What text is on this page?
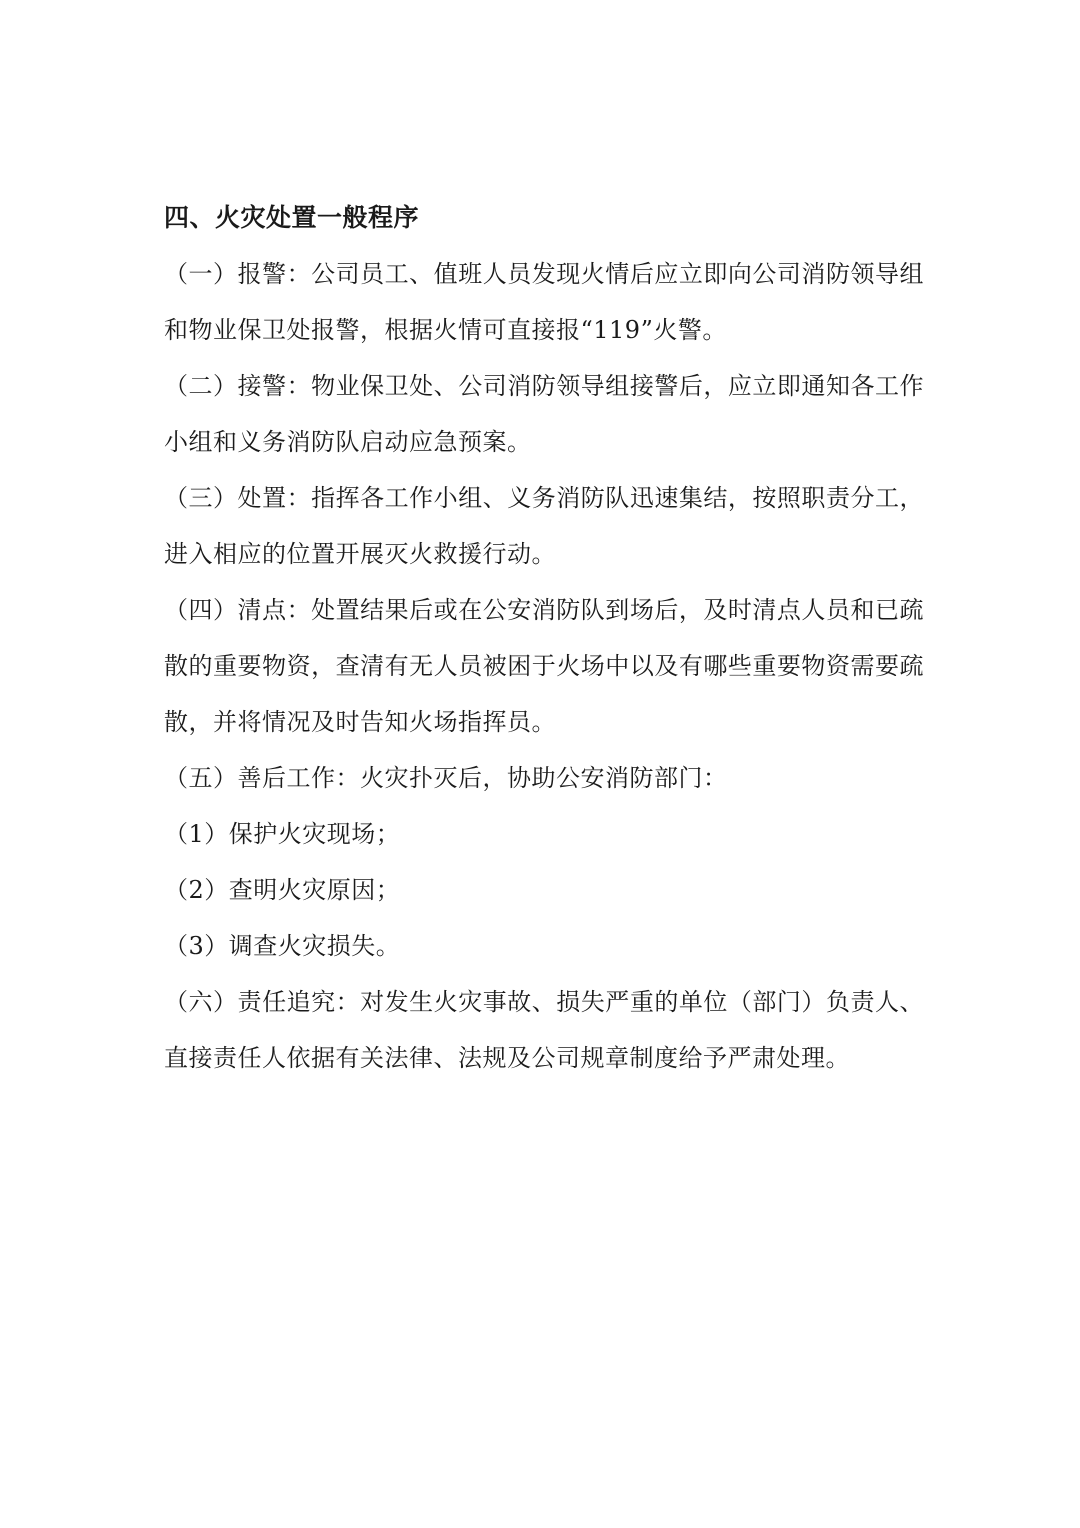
四、火灾处置一般程序

（一）报警：公司员工、值班人员发现火情后应立即向公司消防领导组和物业保卫处报警，根据火情可直接报“119”火警。

（二）接警：物业保卫处、公司消防领导组接警后，应立即通知各工作小组和义务消防队启动应急预案。

（三）处置：指挥各工作小组、义务消防队迅速集结，按照职责分工，进入相应的位置开展灭火救援行动。

（四）清点：处置结果后或在公安消防队到场后，及时清点人员和已疏散的重要物资，查清有无人员被困于火场中以及有哪些重要物资需要疏散，并将情况及时告知火场指挥员。

（五）善后工作：火灾扑灭后，协助公安消防部门：

（1）保护火灾现场；

（2）查明火灾原因；

（3）调查火灾损失。

（六）责任追究：对发生火灾事故、损失严重的单位（部门）负责人、直接责任人依据有关法律、法规及公司规章制度给予严肃处理。
